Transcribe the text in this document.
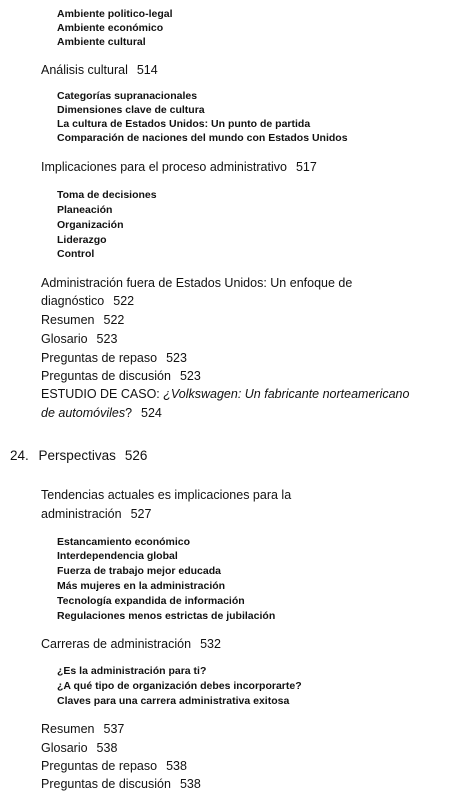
Ambiente politico-legal
Ambiente económico
Ambiente cultural
Análisis cultural 514
Categorías supranacionales
Dimensiones clave de cultura
La cultura de Estados Unidos: Un punto de partida
Comparación de naciones del mundo con Estados Unidos
Implicaciones para el proceso administrativo 517
Toma de decisiones
Planeación
Organización
Liderazgo
Control
Administración fuera de Estados Unidos: Un enfoque de
diagnóstico 522
Resumen 522
Glosario 523
Preguntas de repaso 523
Preguntas de discusión 523
ESTUDIO DE CASO: ¿Volkswagen: Un fabricante norteamericano
de automóviles? 524
24. Perspectivas 526
Tendencias actuales es implicaciones para la
administración 527
Estancamiento económico
Interdependencia global
Fuerza de trabajo mejor educada
Más mujeres en la administración
Tecnología expandida de información
Regulaciones menos estrictas de jubilación
Carreras de administración 532
¿Es la administración para ti?
¿A qué tipo de organización debes incorporarte?
Claves para una carrera administrativa exitosa
Resumen 537
Glosario 538
Preguntas de repaso 538
Preguntas de discusión 538
